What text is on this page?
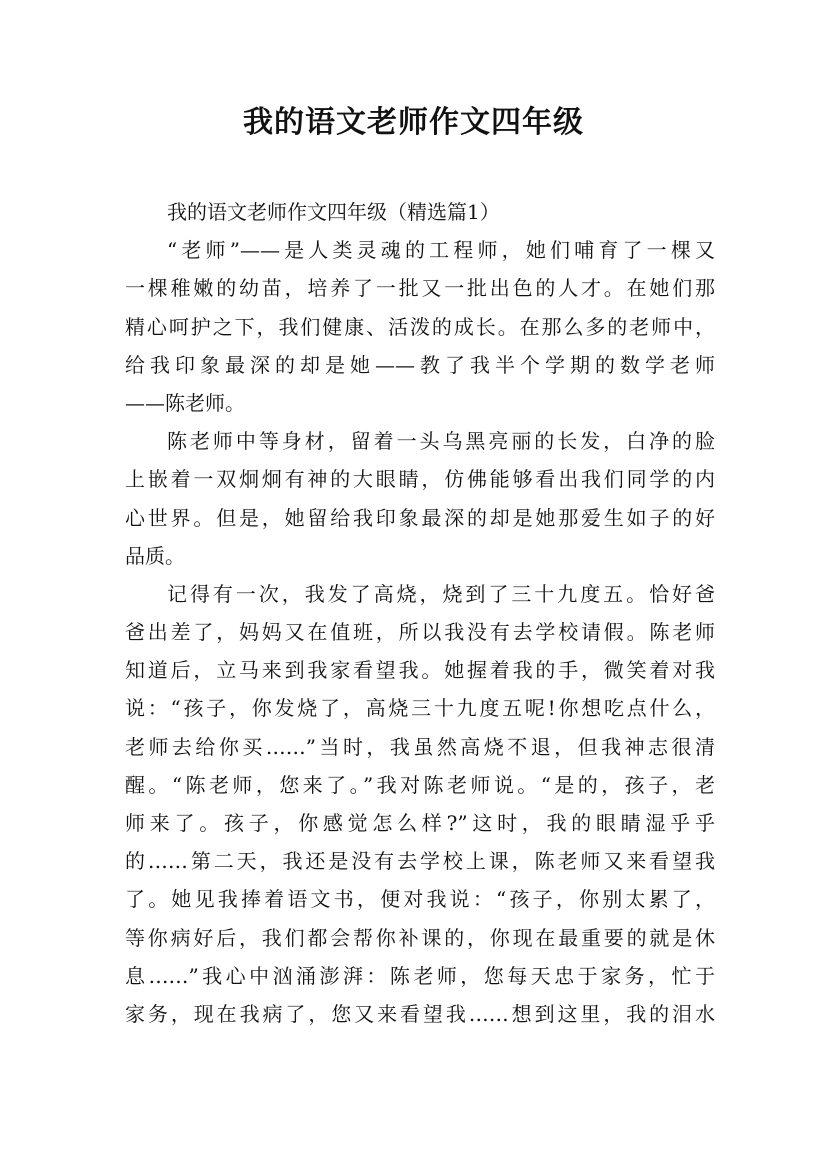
我的语文老师作文四年级
我的语文老师作文四年级（精选篇1）
“老师”——是人类灵魂的工程师，她们哺育了一棵又
一棵稚嫩的幼苗，培养了一批又一批出色的人才。在她们那
精心呵护之下，我们健康、活泼的成长。在那么多的老师中，
给我印象最深的却是她——教了我半个学期的数学老师
——陈老师。
陈老师中等身材，留着一头乌黑亮丽的长发，白净的脸
上嵌着一双炯炯有神的大眼睛，仿佛能够看出我们同学的内
心世界。但是，她留给我印象最深的却是她那爱生如子的好
品质。
记得有一次，我发了高烧，烧到了三十九度五。恰好爸
爸出差了，妈妈又在值班，所以我没有去学校请假。陈老师
知道后，立马来到我家看望我。她握着我的手，微笑着对我
说：“孩子，你发烧了，高烧三十九度五呢!你想吃点什么，
老师去给你买……”当时，我虽然高烧不退，但我神志很清
醒。“陈老师，您来了。”我对陈老师说。“是的，孩子，老
师来了。孩子，你感觉怎么样?”这时，我的眼睛湿乎乎
的……第二天，我还是没有去学校上课，陈老师又来看望我
了。她见我捧着语文书，便对我说：“孩子，你别太累了，
等你病好后，我们都会帮你补课的，你现在最重要的就是休
息……”我心中汹涌澎湃：陈老师，您每天忠于家务，忙于
家务，现在我病了，您又来看望我……想到这里，我的泪水
